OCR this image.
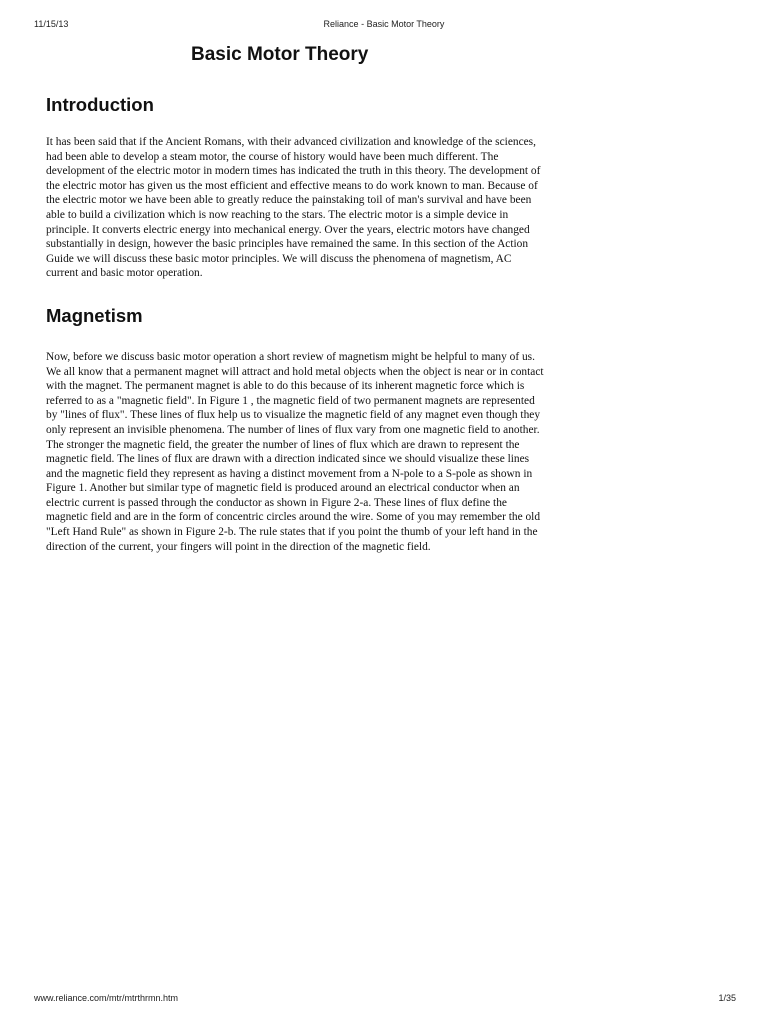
11/15/13	Reliance - Basic Motor Theory
Basic Motor Theory
Introduction

It has been said that if the Ancient Romans, with their advanced civilization and knowledge of the sciences, had been able to develop a steam motor, the course of history would have been much different. The development of the electric motor in modern times has indicated the truth in this theory. The development of the electric motor has given us the most efficient and effective means to do work known to man. Because of the electric motor we have been able to greatly reduce the painstaking toil of man's survival and have been able to build a civilization which is now reaching to the stars. The electric motor is a simple device in principle. It converts electric energy into mechanical energy. Over the years, electric motors have changed substantially in design, however the basic principles have remained the same. In this section of the Action Guide we will discuss these basic motor principles. We will discuss the phenomena of magnetism, AC current and basic motor operation.

Magnetism

Now, before we discuss basic motor operation a short review of magnetism might be helpful to many of us. We all know that a permanent magnet will attract and hold metal objects when the object is near or in contact with the magnet. The permanent magnet is able to do this because of its inherent magnetic force which is referred to as a "magnetic field". In Figure 1 , the magnetic field of two permanent magnets are represented by "lines of flux". These lines of flux help us to visualize the magnetic field of any magnet even though they only represent an invisible phenomena. The number of lines of flux vary from one magnetic field to another. The stronger the magnetic field, the greater the number of lines of flux which are drawn to represent the magnetic field. The lines of flux are drawn with a direction indicated since we should visualize these lines and the magnetic field they represent as having a distinct movement from a N-pole to a S-pole as shown in Figure 1. Another but similar type of magnetic field is produced around an electrical conductor when an electric current is passed through the conductor as shown in Figure 2-a. These lines of flux define the magnetic field and are in the form of concentric circles around the wire. Some of you may remember the old "Left Hand Rule" as shown in Figure 2-b. The rule states that if you point the thumb of your left hand in the direction of the current, your fingers will point in the direction of the magnetic field.

www.reliance.com/mtr/mtrthrmn.htm	1/35
